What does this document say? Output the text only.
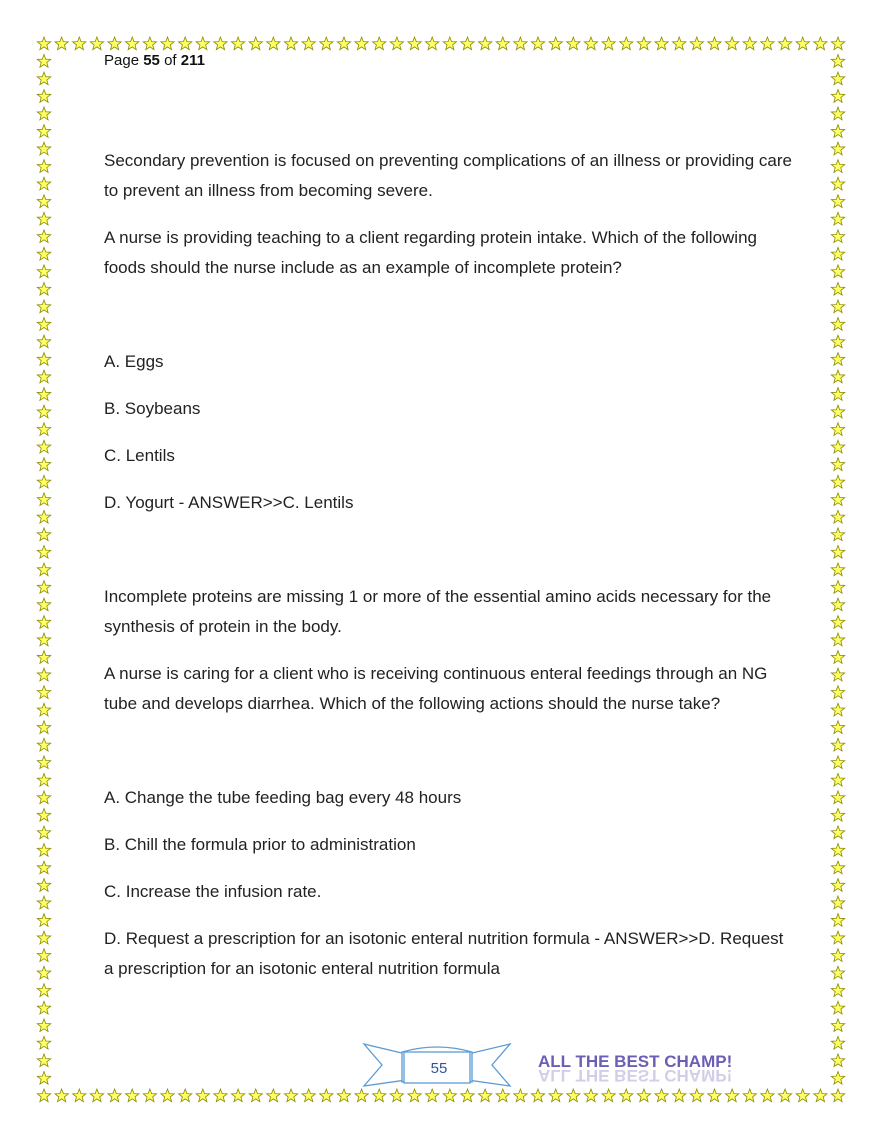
Page 55 of 211

Secondary prevention is focused on preventing complications of an illness or providing care to prevent an illness from becoming severe.

A nurse is providing teaching to a client regarding protein intake. Which of the following foods should the nurse include as an example of incomplete protein?

A. Eggs

B. Soybeans

C. Lentils

D. Yogurt - ANSWER>>C. Lentils

Incomplete proteins are missing 1 or more of the essential amino acids necessary for the synthesis of protein in the body.

A nurse is caring for a client who is receiving continuous enteral feedings through an NG tube and develops diarrhea. Which of the following actions should the nurse take?

A. Change the tube feeding bag every 48 hours

B. Chill the formula prior to administration

C. Increase the infusion rate.

D. Request a prescription for an isotonic enteral nutrition formula - ANSWER>>D. Request a prescription for an isotonic enteral nutrition formula

55	ALL THE BEST CHAMP!
ALL THE BEST CHAMP!
